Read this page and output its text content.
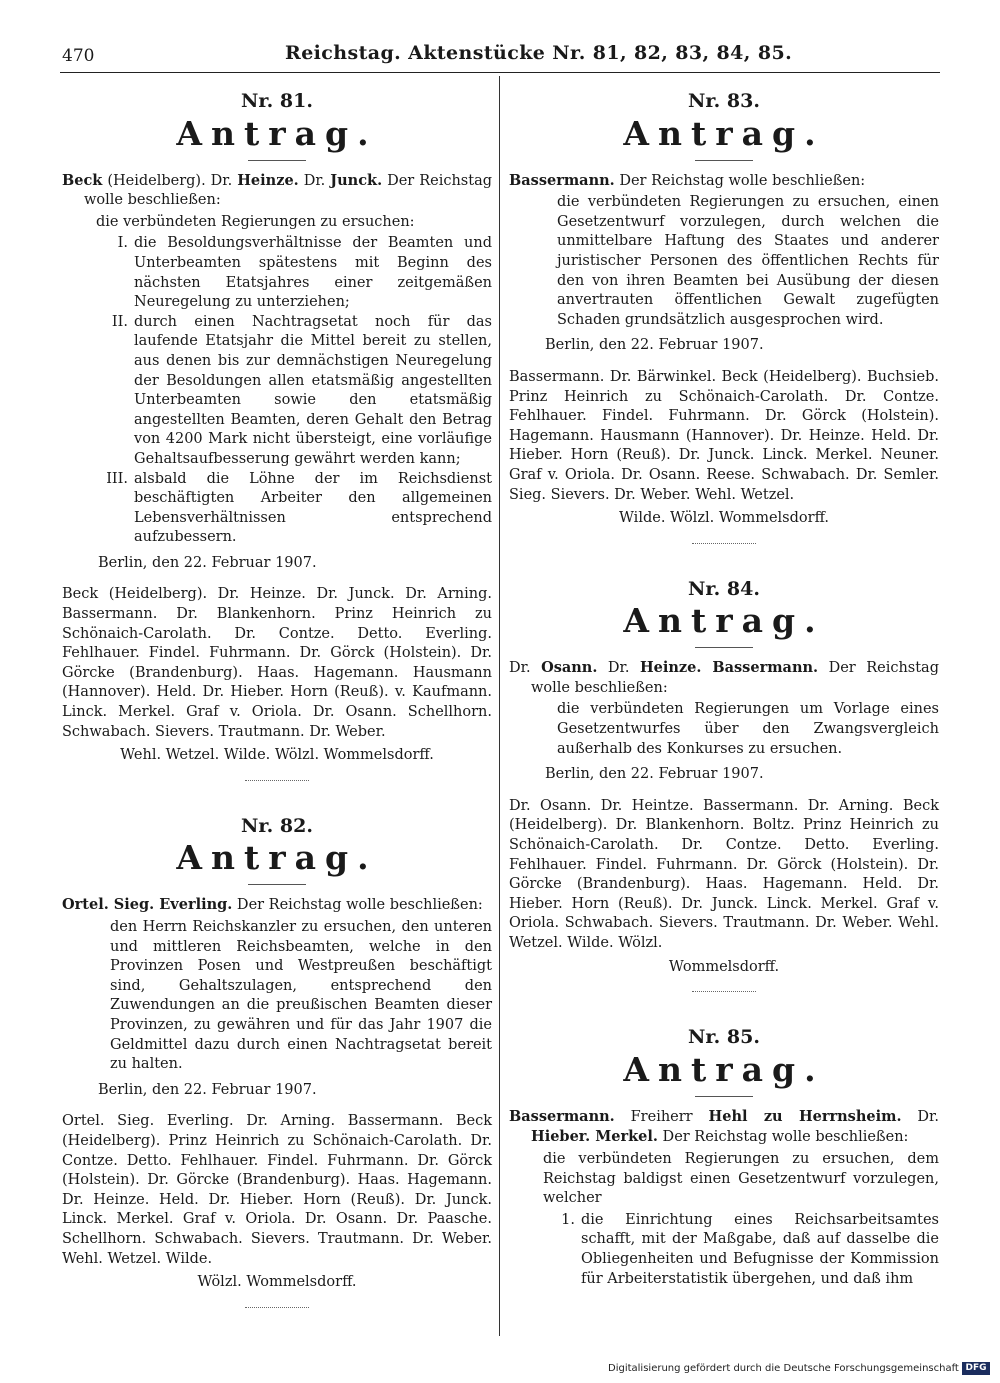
470	Reichstag. Aktenstücke Nr. 81, 82, 83, 84, 85.
Nr. 81.
Antrag.

Beck (Heidelberg). Dr. Heinze. Dr. Junck. Der Reichstag wolle beschließen:

die verbündeten Regierungen zu ersuchen:

I. die Besoldungsverhältnisse der Beamten und Unterbeamten spätestens mit Beginn des nächsten Etatsjahres einer zeitgemäßen Neuregelung zu unterziehen;
II. durch einen Nachtragsetat noch für das laufende Etatsjahr die Mittel bereit zu stellen, aus denen bis zur demnächstigen Neuregelung der Besoldungen allen etatsmäßig angestellten Unterbeamten sowie den etatsmäßig angestellten Beamten, deren Gehalt den Betrag von 4200 Mark nicht übersteigt, eine vorläufige Gehaltsaufbesserung gewährt werden kann;
III. alsbald die Löhne der im Reichsdienst beschäftigten Arbeiter den allgemeinen Lebensverhältnissen entsprechend aufzubessern.

Berlin, den 22. Februar 1907.

Beck (Heidelberg). Dr. Heinze. Dr. Junck. Dr. Arning. Bassermann. Dr. Blankenhorn. Prinz Heinrich zu Schönaich-Carolath. Dr. Contze. Detto. Everling. Fehlhauer. Findel. Fuhrmann. Dr. Görck (Holstein). Dr. Görcke (Brandenburg). Haas. Hagemann. Hausmann (Hannover). Held. Dr. Hieber. Horn (Reuß). v. Kaufmann. Linck. Merkel. Graf v. Oriola. Dr. Osann. Schellhorn. Schwabach. Sievers. Trautmann. Dr. Weber.

Wehl. Wetzel. Wilde. Wölzl. Wommelsdorff.

Nr. 82.
Antrag.

Ortel. Sieg. Everling. Der Reichstag wolle beschließen:

den Herrn Reichskanzler zu ersuchen, den unteren und mittleren Reichsbeamten, welche in den Provinzen Posen und Westpreußen beschäftigt sind, Gehaltszulagen, entsprechend den Zuwendungen an die preußischen Beamten dieser Provinzen, zu gewähren und für das Jahr 1907 die Geldmittel dazu durch einen Nachtragsetat bereit zu halten.

Berlin, den 22. Februar 1907.

Ortel. Sieg. Everling. Dr. Arning. Bassermann. Beck (Heidelberg). Prinz Heinrich zu Schönaich-Carolath. Dr. Contze. Detto. Fehlhauer. Findel. Fuhrmann. Dr. Görck (Holstein). Dr. Görcke (Brandenburg). Haas. Hagemann. Dr. Heinze. Held. Dr. Hieber. Horn (Reuß). Dr. Junck. Linck. Merkel. Graf v. Oriola. Dr. Osann. Dr. Paasche. Schellhorn. Schwabach. Sievers. Trautmann. Dr. Weber. Wehl. Wetzel. Wilde.

Wölzl. Wommelsdorff.

Nr. 83.
Antrag.

Bassermann. Der Reichstag wolle beschließen:

die verbündeten Regierungen zu ersuchen, einen Gesetzentwurf vorzulegen, durch welchen die unmittelbare Haftung des Staates und anderer juristischer Personen des öffentlichen Rechts für den von ihren Beamten bei Ausübung der diesen anvertrauten öffentlichen Gewalt zugefügten Schaden grundsätzlich ausgesprochen wird.

Berlin, den 22. Februar 1907.

Bassermann. Dr. Bärwinkel. Beck (Heidelberg). Buchsieb. Prinz Heinrich zu Schönaich-Carolath. Dr. Contze. Fehlhauer. Findel. Fuhrmann. Dr. Görck (Holstein). Hagemann. Hausmann (Hannover). Dr. Heinze. Held. Dr. Hieber. Horn (Reuß). Dr. Junck. Linck. Merkel. Neuner. Graf v. Oriola. Dr. Osann. Reese. Schwabach. Dr. Semler. Sieg. Sievers. Dr. Weber. Wehl. Wetzel.

Wilde. Wölzl. Wommelsdorff.

Nr. 84.
Antrag.

Dr. Osann. Dr. Heinze. Bassermann. Der Reichstag wolle beschließen:

die verbündeten Regierungen um Vorlage eines Gesetzentwurfes über den Zwangsvergleich außerhalb des Konkurses zu ersuchen.

Berlin, den 22. Februar 1907.

Dr. Osann. Dr. Heintze. Bassermann. Dr. Arning. Beck (Heidelberg). Dr. Blankenhorn. Boltz. Prinz Heinrich zu Schönaich-Carolath. Dr. Contze. Detto. Everling. Fehlhauer. Findel. Fuhrmann. Dr. Görck (Holstein). Dr. Görcke (Brandenburg). Haas. Hagemann. Held. Dr. Hieber. Horn (Reuß). Dr. Junck. Linck. Merkel. Graf v. Oriola. Schwabach. Sievers. Trautmann. Dr. Weber. Wehl. Wetzel. Wilde. Wölzl.

Wommelsdorff.

Nr. 85.
Antrag.

Bassermann. Freiherr Hehl zu Herrnsheim. Dr. Hieber. Merkel. Der Reichstag wolle beschließen:

die verbündeten Regierungen zu ersuchen, dem Reichstag baldigst einen Gesetzentwurf vorzulegen, welcher

1. die Einrichtung eines Reichsarbeitsamtes schafft, mit der Maßgabe, daß auf dasselbe die Obliegenheiten und Befugnisse der Kommission für Arbeiterstatistik übergehen, und daß ihm
Digitalisierung gefördert durch die Deutsche Forschungsgemeinschaft DFG
